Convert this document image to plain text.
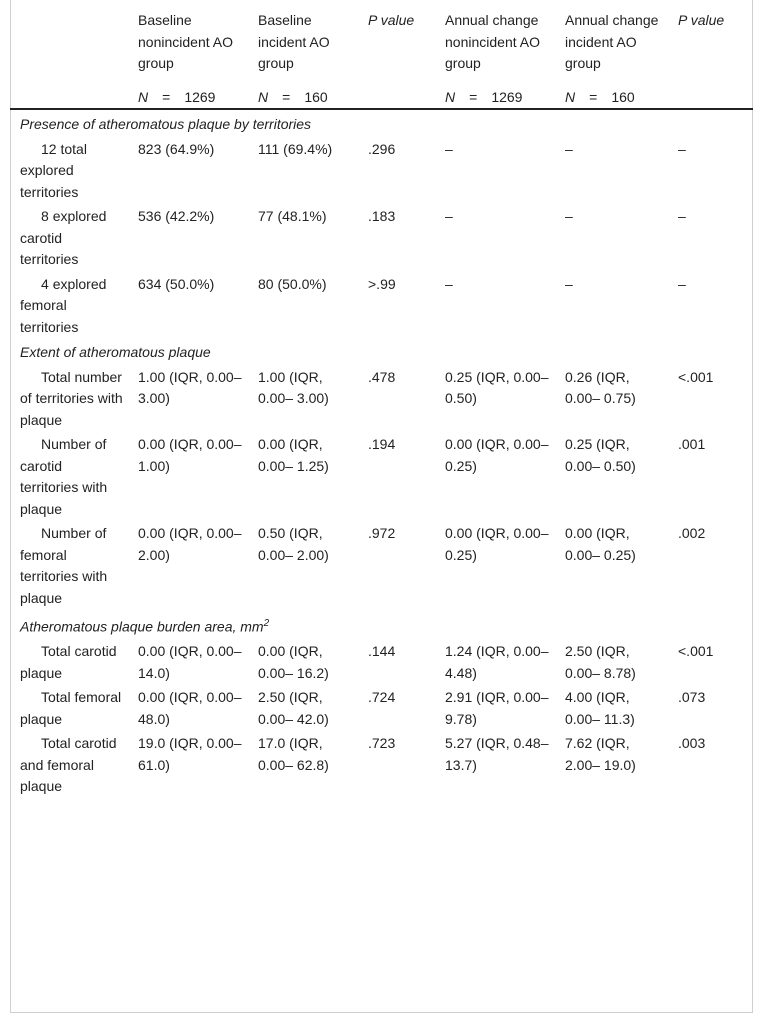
	Baseline nonincident AO group	Baseline incident AO group	P value	Annual change nonincident AO group	Annual change incident AO group	P value

	N = 1269	N = 160		N = 1269	N = 160	
Presence of atheromatous plaque by territories						
12 total explored territories	823 (64.9%)	111 (69.4%)	.296	–	–	–
8 explored carotid territories	536 (42.2%)	77 (48.1%)	.183	–	–	–
4 explored femoral territories	634 (50.0%)	80 (50.0%)	>.99	–	–	–
Extent of atheromatous plaque						
Total number of territories with plaque	1.00 (IQR, 0.00–3.00)	1.00 (IQR, 0.00– 3.00)	.478	0.25 (IQR, 0.00–0.50)	0.26 (IQR, 0.00– 0.75)	<.001
Number of carotid territories with plaque	0.00 (IQR, 0.00–1.00)	0.00 (IQR, 0.00– 1.25)	.194	0.00 (IQR, 0.00–0.25)	0.25 (IQR, 0.00– 0.50)	.001
Number of femoral territories with plaque	0.00 (IQR, 0.00–2.00)	0.50 (IQR, 0.00– 2.00)	.972	0.00 (IQR, 0.00–0.25)	0.00 (IQR, 0.00– 0.25)	.002
Atheromatous plaque burden area, $mm^2$
Total carotid plaque	0.00 (IQR, 0.00–14.0)	0.00 (IQR, 0.00– 16.2)	.144	1.24 (IQR, 0.00–4.48)	2.50 (IQR, 0.00– 8.78)	<.001
Total femoral plaque	0.00 (IQR, 0.00–48.0)	2.50 (IQR, 0.00– 42.0)	.724	2.91 (IQR, 0.00–9.78)	4.00 (IQR, 0.00– 11.3)	.073
Total carotid and femoral plaque	19.0 (IQR, 0.00–61.0)	17.0 (IQR, 0.00– 62.8)	.723	5.27 (IQR, 0.48–13.7)	7.62 (IQR, 2.00– 19.0)	.003
